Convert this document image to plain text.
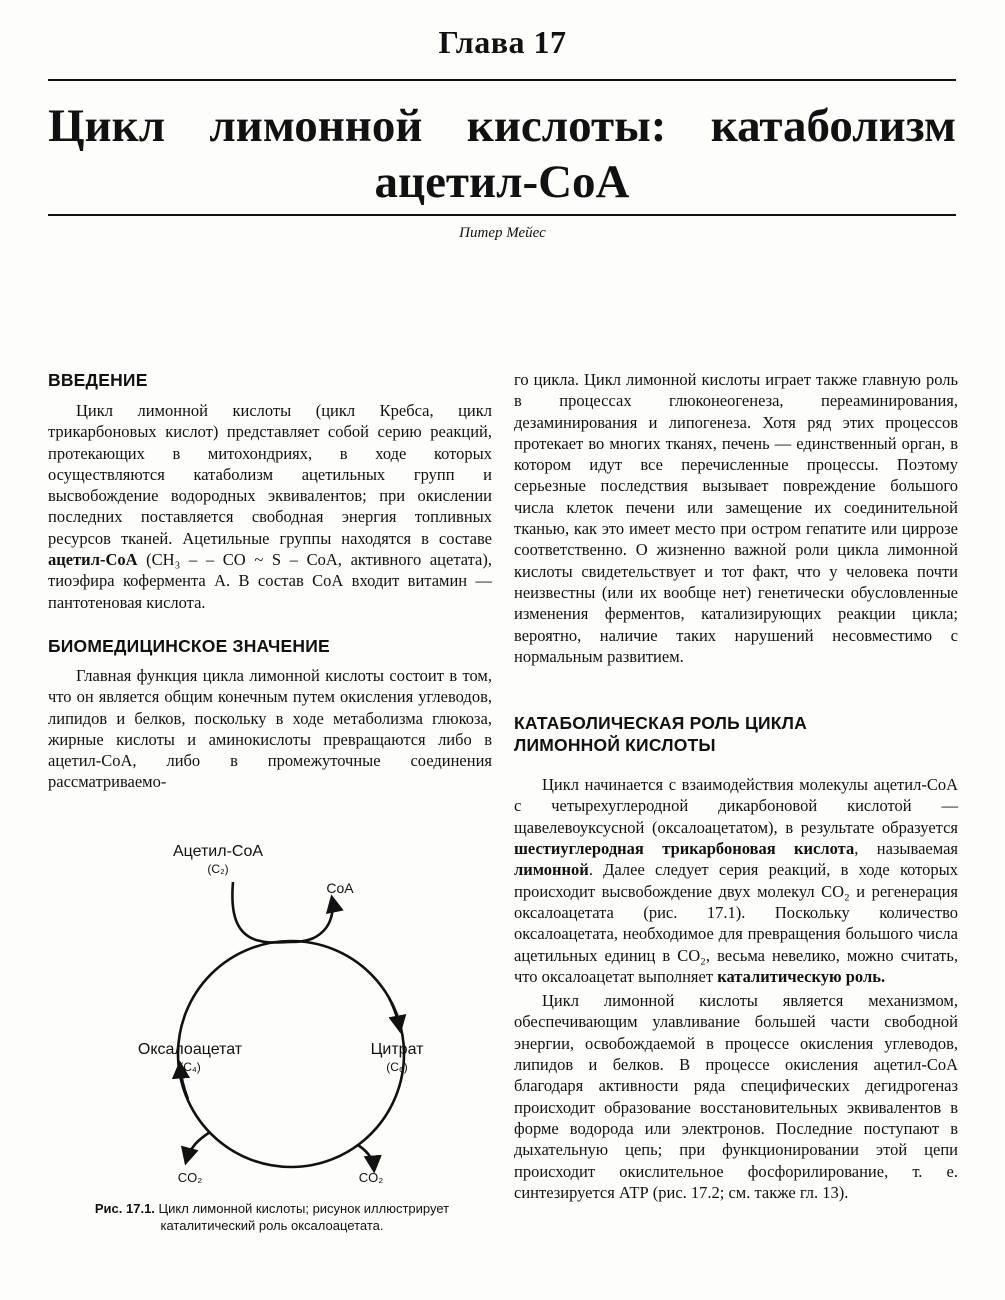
Глава 17
Цикл лимонной кислоты: катаболизм
ацетил-СоА
Питер Мейес
ВВЕДЕНИЕ

Цикл лимонной кислоты (цикл Кребса, цикл трикарбоновых кислот) представляет собой серию реакций, протекающих в митохондриях, в ходе которых осуществляются катаболизм ацетильных групп и высвобождение водородных эквивалентов; при окислении последних поставляется свободная энергия топливных ресурсов тканей. Ацетильные группы находятся в составе ацетил-СоА (CH₃ – – CO ~ S – CoA, активного ацетата), тиоэфира кофермента А. В состав СоА входит витамин — пантотеновая кислота.

БИОМЕДИЦИНСКОЕ ЗНАЧЕНИЕ

Главная функция цикла лимонной кислоты состоит в том, что он является общим конечным путем окисления углеводов, липидов и белков, поскольку в ходе метаболизма глюкоза, жирные кислоты и аминокислоты превращаются либо в ацетил-СоА, либо в промежуточные соединения рассматриваемо-

Ацетил-СоА
(C₂)
CoA
Цитрат
(C₆)
Оксалоацетат
(C₄)
CO₂	CO₂
Рис. 17.1. Цикл лимонной кислоты; рисунок иллюстрирует
каталитический роль оксалоацетата.

го цикла. Цикл лимонной кислоты играет также главную роль в процессах глюконеогенеза, переаминирования, дезаминирования и липогенеза. Хотя ряд этих процессов протекает во многих тканях, печень — единственный орган, в котором идут все перечисленные процессы. Поэтому серьезные последствия вызывает повреждение большого числа клеток печени или замещение их соединительной тканью, как это имеет место при остром гепатите или циррозе соответственно. О жизненно важной роли цикла лимонной кислоты свидетельствует и тот факт, что у человека почти неизвестны (или их вообще нет) генетически обусловленные изменения ферментов, катализирующих реакции цикла; вероятно, наличие таких нарушений несовместимо с нормальным развитием.

КАТАБОЛИЧЕСКАЯ РОЛЬ ЦИКЛА
ЛИМОННОЙ КИСЛОТЫ

Цикл начинается с взаимодействия молекулы ацетил-СоА с четырехуглеродной дикарбоновой кислотой — щавелевоуксусной (оксалоацетатом), в результате образуется шестиуглеродная трикарбоновая кислота, называемая лимонной. Далее следует серия реакций, в ходе которых происходит высвобождение двух молекул CO₂ и регенерация оксалоацетата (рис. 17.1). Поскольку количество оксалоацетата, необходимое для превращения большого числа ацетильных единиц в CO₂, весьма невелико, можно считать, что оксалоацетат выполняет каталитическую роль.

Цикл лимонной кислоты является механизмом, обеспечивающим улавливание большей части свободной энергии, освобождаемой в процессе окисления углеводов, липидов и белков. В процессе окисления ацетил-СоА благодаря активности ряда специфических дегидрогеназ происходит образование восстановительных эквивалентов в форме водорода или электронов. Последние поступают в дыхательную цепь; при функционировании этой цепи происходит окислительное фосфорилирование, т. е. синтезируется АТР (рис. 17.2; см. также гл. 13).
